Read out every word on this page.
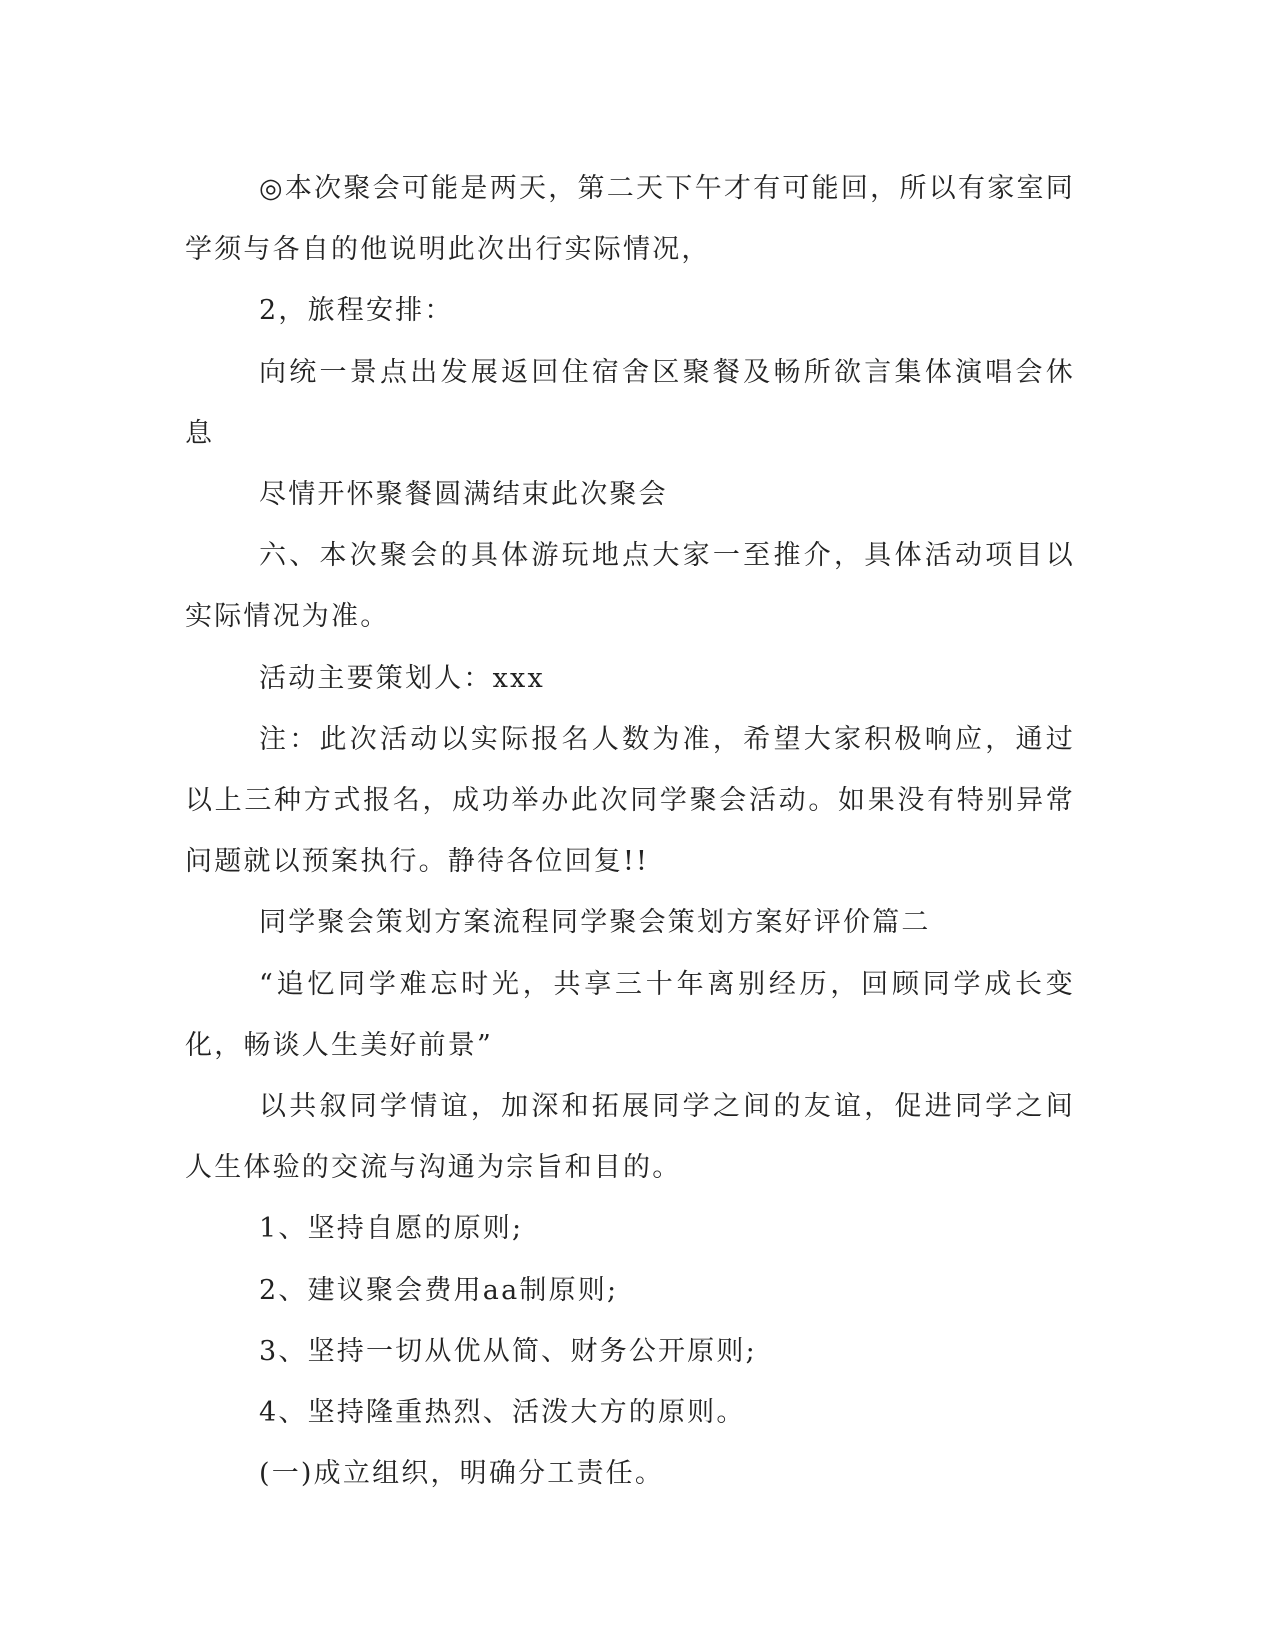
◎本次聚会可能是两天，第二天下午才有可能回，所以有家室同学须与各自的他说明此次出行实际情况，

2，旅程安排：

向统一景点出发展返回住宿舍区聚餐及畅所欲言集体演唱会休息

尽情开怀聚餐圆满结束此次聚会

六、本次聚会的具体游玩地点大家一至推介，具体活动项目以实际情况为准。

活动主要策划人：xxx

注：此次活动以实际报名人数为准，希望大家积极响应，通过以上三种方式报名，成功举办此次同学聚会活动。如果没有特别异常问题就以预案执行。静待各位回复!!

同学聚会策划方案流程同学聚会策划方案好评价篇二

“追忆同学难忘时光，共享三十年离别经历，回顾同学成长变化，畅谈人生美好前景”

以共叙同学情谊，加深和拓展同学之间的友谊，促进同学之间人生体验的交流与沟通为宗旨和目的。

1、坚持自愿的原则;

2、建议聚会费用aa制原则;

3、坚持一切从优从简、财务公开原则;

4、坚持隆重热烈、活泼大方的原则。

(一)成立组织，明确分工责任。
